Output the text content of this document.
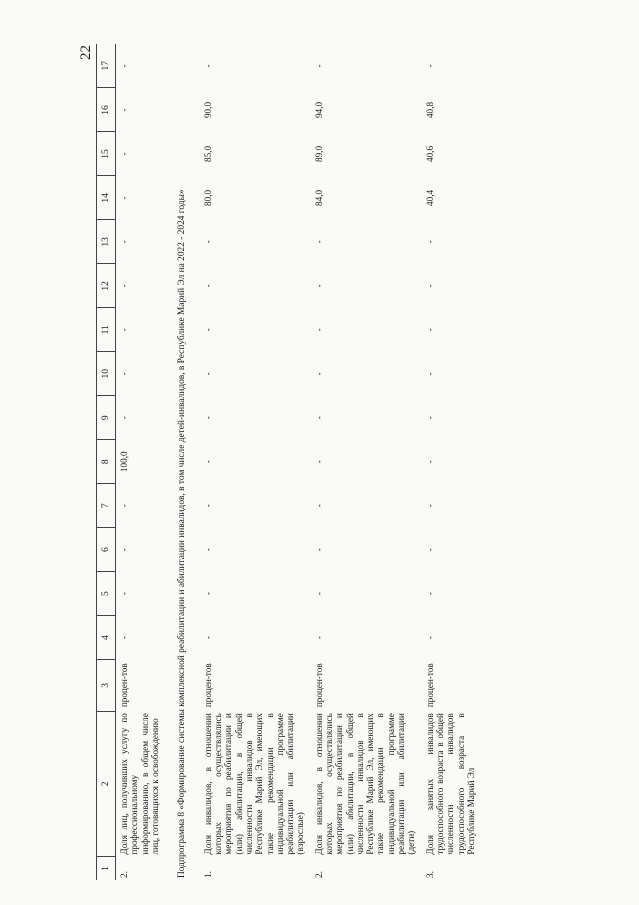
22
1	2	3	4	5	6	7	8	9	10	11	12	13	14	15	16	17
2.	Доля лиц, получивших услугу по профессиональному информированию, в общем числе лиц, готовящихся к освобождению	процен-тов	-	-	-	-	100,0	-	-	-	-	-	-	-	-	-
Подпрограмма 8 «Формирование системы комплексной реабилитации и абилитации инвалидов, в том числе детей-инвалидов, в Республике Марий Эл на 2022 - 2024 годы»																
1.	Доля инвалидов, в отношении которых осуществлялись мероприятия по реабилитации и (или) абилитации, в общей численности инвалидов в Республике Марий Эл, имеющих такие рекомендации в индивидуальной программе реабилитации или абилитации (взрослые)	процен-тов	-	-	-	-	-	-	-	-	-	-	80,0	85,0	90,0	-
2.	Доля инвалидов, в отношении которых осуществлялись мероприятия по реабилитации и (или) абилитации, в общей численности инвалидов в Республике Марий Эл, имеющих такие рекомендации в индивидуальной программе реабилитации или абилитации (дети)	процен-тов	-	-	-	-	-	-	-	-	-	-	84,0	89,0	94,0	-
3.	Доля занятых инвалидов трудоспособного возраста в общей численности инвалидов трудоспособного возраста в Республике Марий Эл	процен-тов	-	-	-	-	-	-	-	-	-	-	40,4	40,6	40,8	-
